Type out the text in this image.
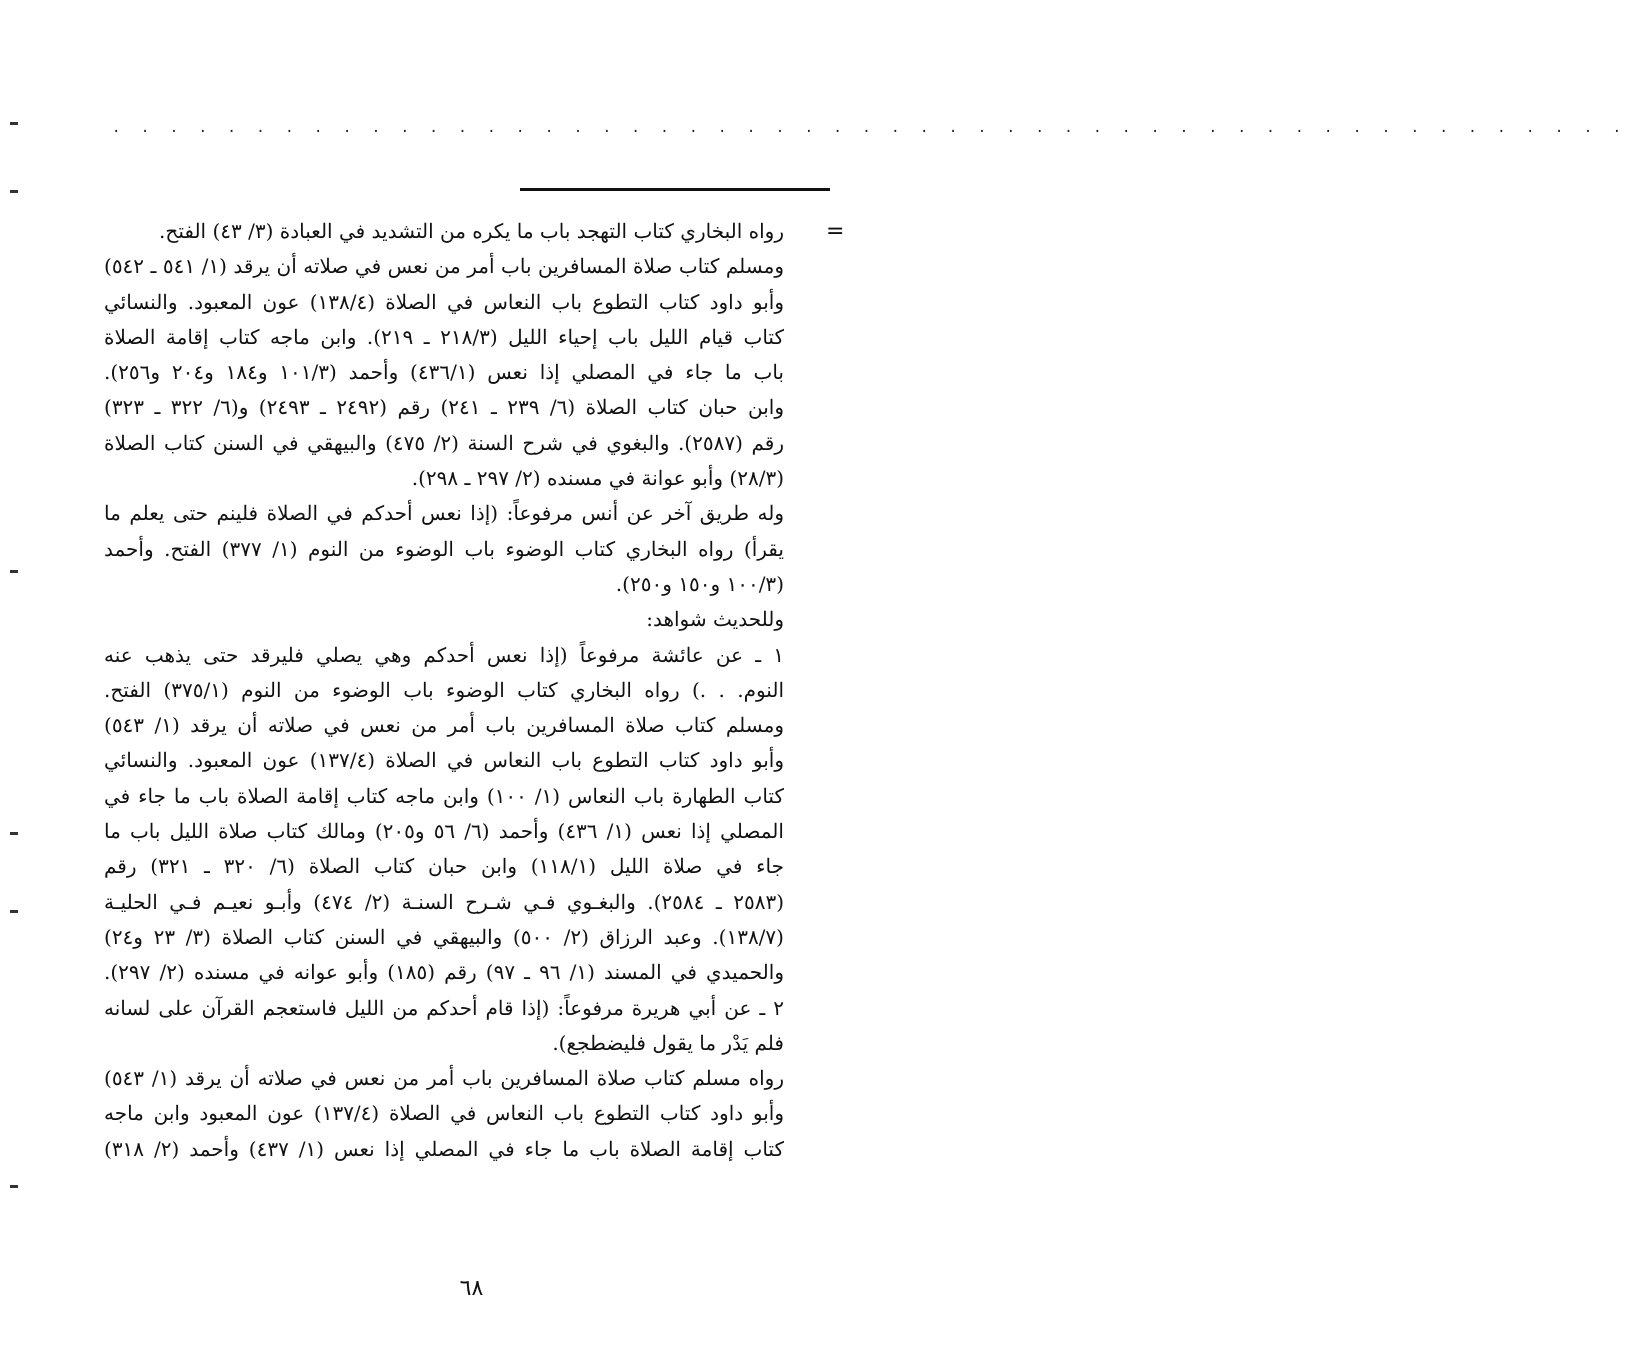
. . . . . . . . . . . . . . . . . . . . . . . . . . . . . . . . . . . . . . . . . . . . . . . . . . . . .
=
رواه البخاري كتاب التهجد باب ما يكره من التشديد في العبادة (٣/ ٤٣) الفتح.
ومسلم كتاب صلاة المسافرين باب أمر من نعس في صلاته أن يرقد (١/ ٥٤١ ـ ٥٤٢)
وأبو داود كتاب التطوع باب النعاس في الصلاة (١٣٨/٤) عون المعبود. والنسائي
كتاب قيام الليل باب إحياء الليل (٢١٨/٣ ـ ٢١٩). وابن ماجه كتاب إقامة الصلاة
باب ما جاء في المصلي إذا نعس (٤٣٦/١) وأحمد (١٠١/٣ و١٨٤ و٢٠٤ و٢٥٦).
وابن حبان كتاب الصلاة (٦/ ٢٣٩ ـ ٢٤١) رقم (٢٤٩٢ ـ ٢٤٩٣) و(٦/ ٣٢٢ ـ ٣٢٣)
رقم (٢٥٨٧). والبغوي في شرح السنة (٢/ ٤٧٥) والبيهقي في السنن كتاب الصلاة
(٢٨/٣) وأبو عوانة في مسنده (٢/ ٢٩٧ ـ ٢٩٨).
وله طريق آخر عن أنس مرفوعاً: (إذا نعس أحدكم في الصلاة فلينم حتى يعلم ما
يقرأ) رواه البخاري كتاب الوضوء باب الوضوء من النوم (١/ ٣٧٧) الفتح. وأحمد
(١٠٠/٣ و١٥٠ و٢٥٠).
وللحديث شواهد:
١ ـ عن عائشة مرفوعاً (إذا نعس أحدكم وهي يصلي فليرقد حتى يذهب عنه
النوم. . .) رواه البخاري كتاب الوضوء باب الوضوء من النوم (٣٧٥/١) الفتح.
ومسلم كتاب صلاة المسافرين باب أمر من نعس في صلاته أن يرقد (١/ ٥٤٣)
وأبو داود كتاب التطوع باب النعاس في الصلاة (١٣٧/٤) عون المعبود. والنسائي
كتاب الطهارة باب النعاس (١/ ١٠٠) وابن ماجه كتاب إقامة الصلاة باب ما جاء في
المصلي إذا نعس (١/ ٤٣٦) وأحمد (٦/ ٥٦ و٢٠٥) ومالك كتاب صلاة الليل باب ما
جاء في صلاة الليل (١١٨/١) وابن حبان كتاب الصلاة (٦/ ٣٢٠ ـ ٣٢١) رقم
(٢٥٨٣ ـ ٢٥٨٤). والبغـوي فـي شـرح السنـة (٢/ ٤٧٤) وأبـو نعيـم فـي الحليـة
(١٣٨/٧). وعبد الرزاق (٢/ ٥٠٠) والبيهقي في السنن كتاب الصلاة (٣/ ٢٣ و٢٤)
والحميدي في المسند (١/ ٩٦ ـ ٩٧) رقم (١٨٥) وأبو عوانه في مسنده (٢/ ٢٩٧).
٢ ـ عن أبي هريرة مرفوعاً: (إذا قام أحدكم من الليل فاستعجم القرآن على لسانه
فلم يَدْر ما يقول فليضطجع).
رواه مسلم كتاب صلاة المسافرين باب أمر من نعس في صلاته أن يرقد (١/ ٥٤٣)
وأبو داود كتاب التطوع باب النعاس في الصلاة (١٣٧/٤) عون المعبود وابن ماجه
كتاب إقامة الصلاة باب ما جاء في المصلي إذا نعس (١/ ٤٣٧) وأحمد (٢/ ٣١٨)
٦٨
